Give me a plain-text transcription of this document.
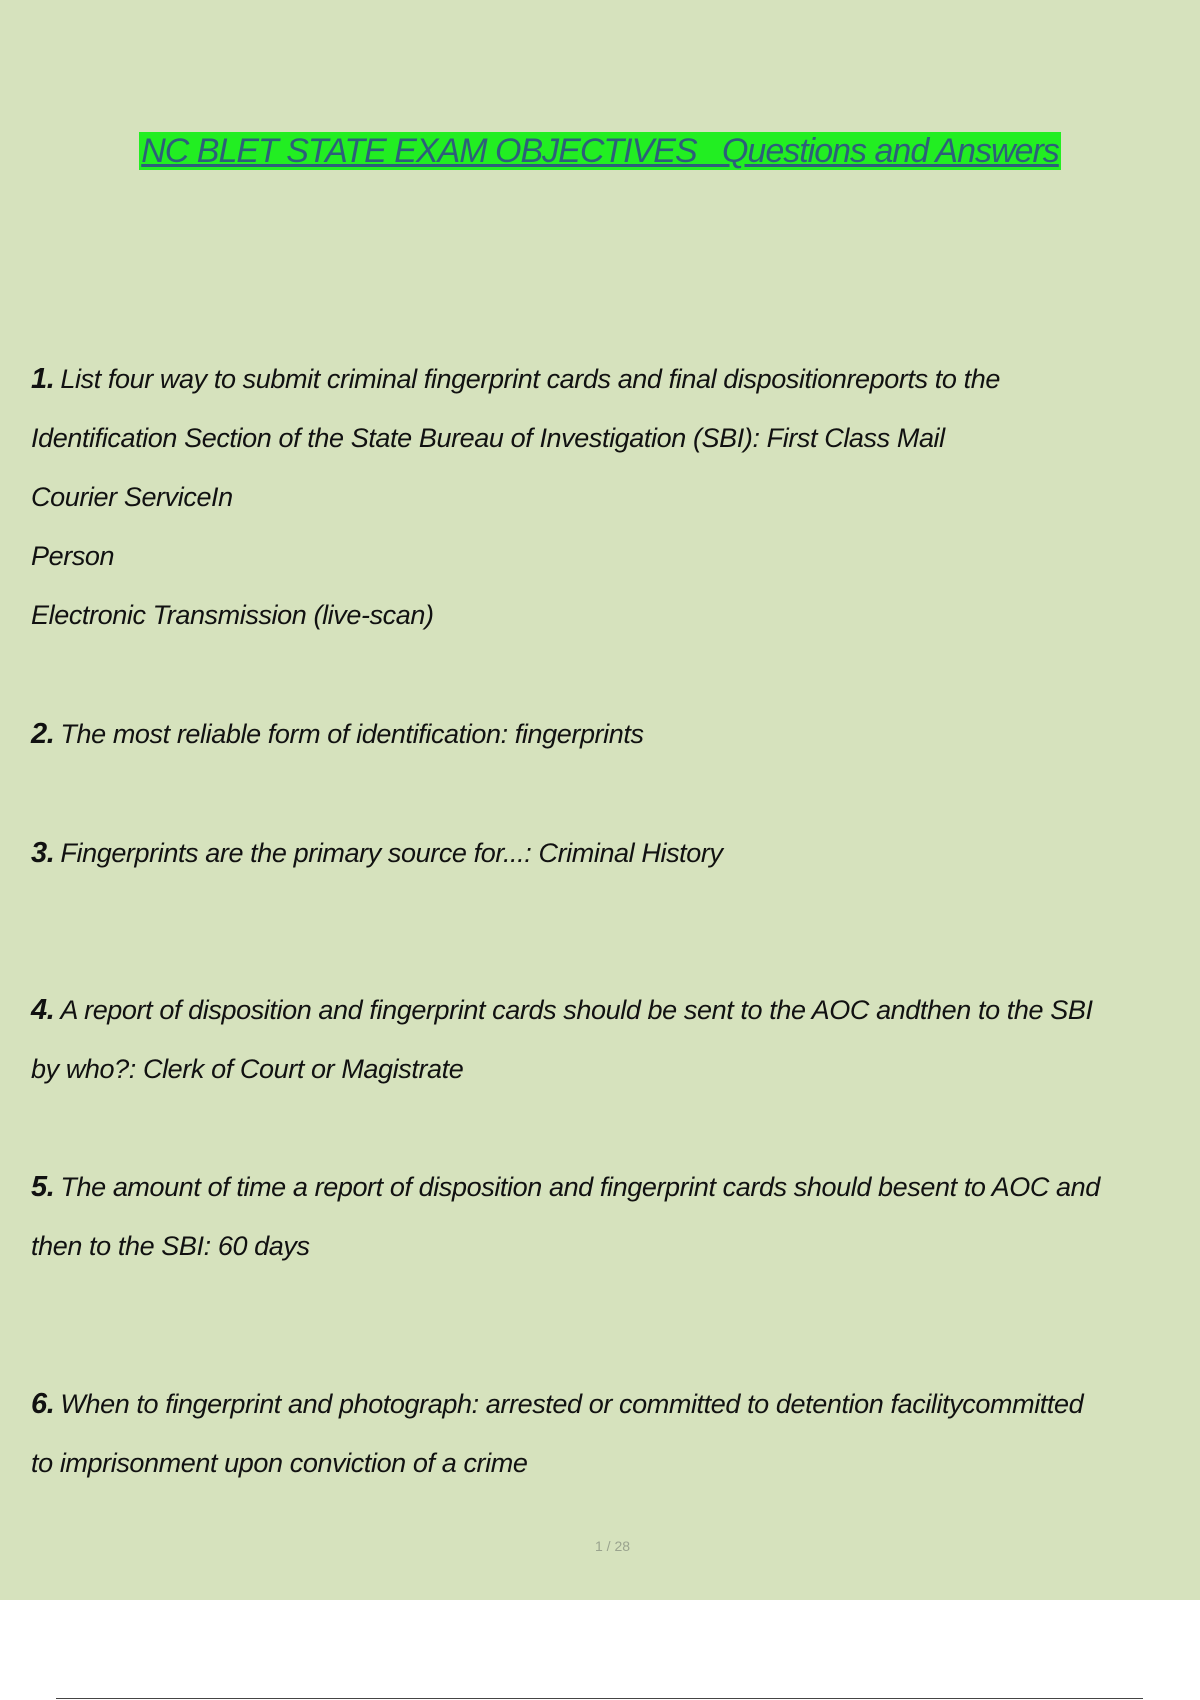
NC BLET STATE EXAM OBJECTIVES   Questions and Answers
1. List four way to submit criminal fingerprint cards and final dispositionreports to the
Identification Section of the State Bureau of Investigation (SBI): First Class Mail
Courier ServiceIn
Person
Electronic Transmission (live-scan)
2. The most reliable form of identification: fingerprints
3. Fingerprints are the primary source for...: Criminal History
4. A report of disposition and fingerprint cards should be sent to the AOC andthen to the SBI
by who?: Clerk of Court or Magistrate
5. The amount of time a report of disposition and fingerprint cards should besent to AOC and
then to the SBI: 60 days
6. When to fingerprint and photograph: arrested or committed to detention facilitycommitted
to imprisonment upon conviction of a crime
1 / 28
